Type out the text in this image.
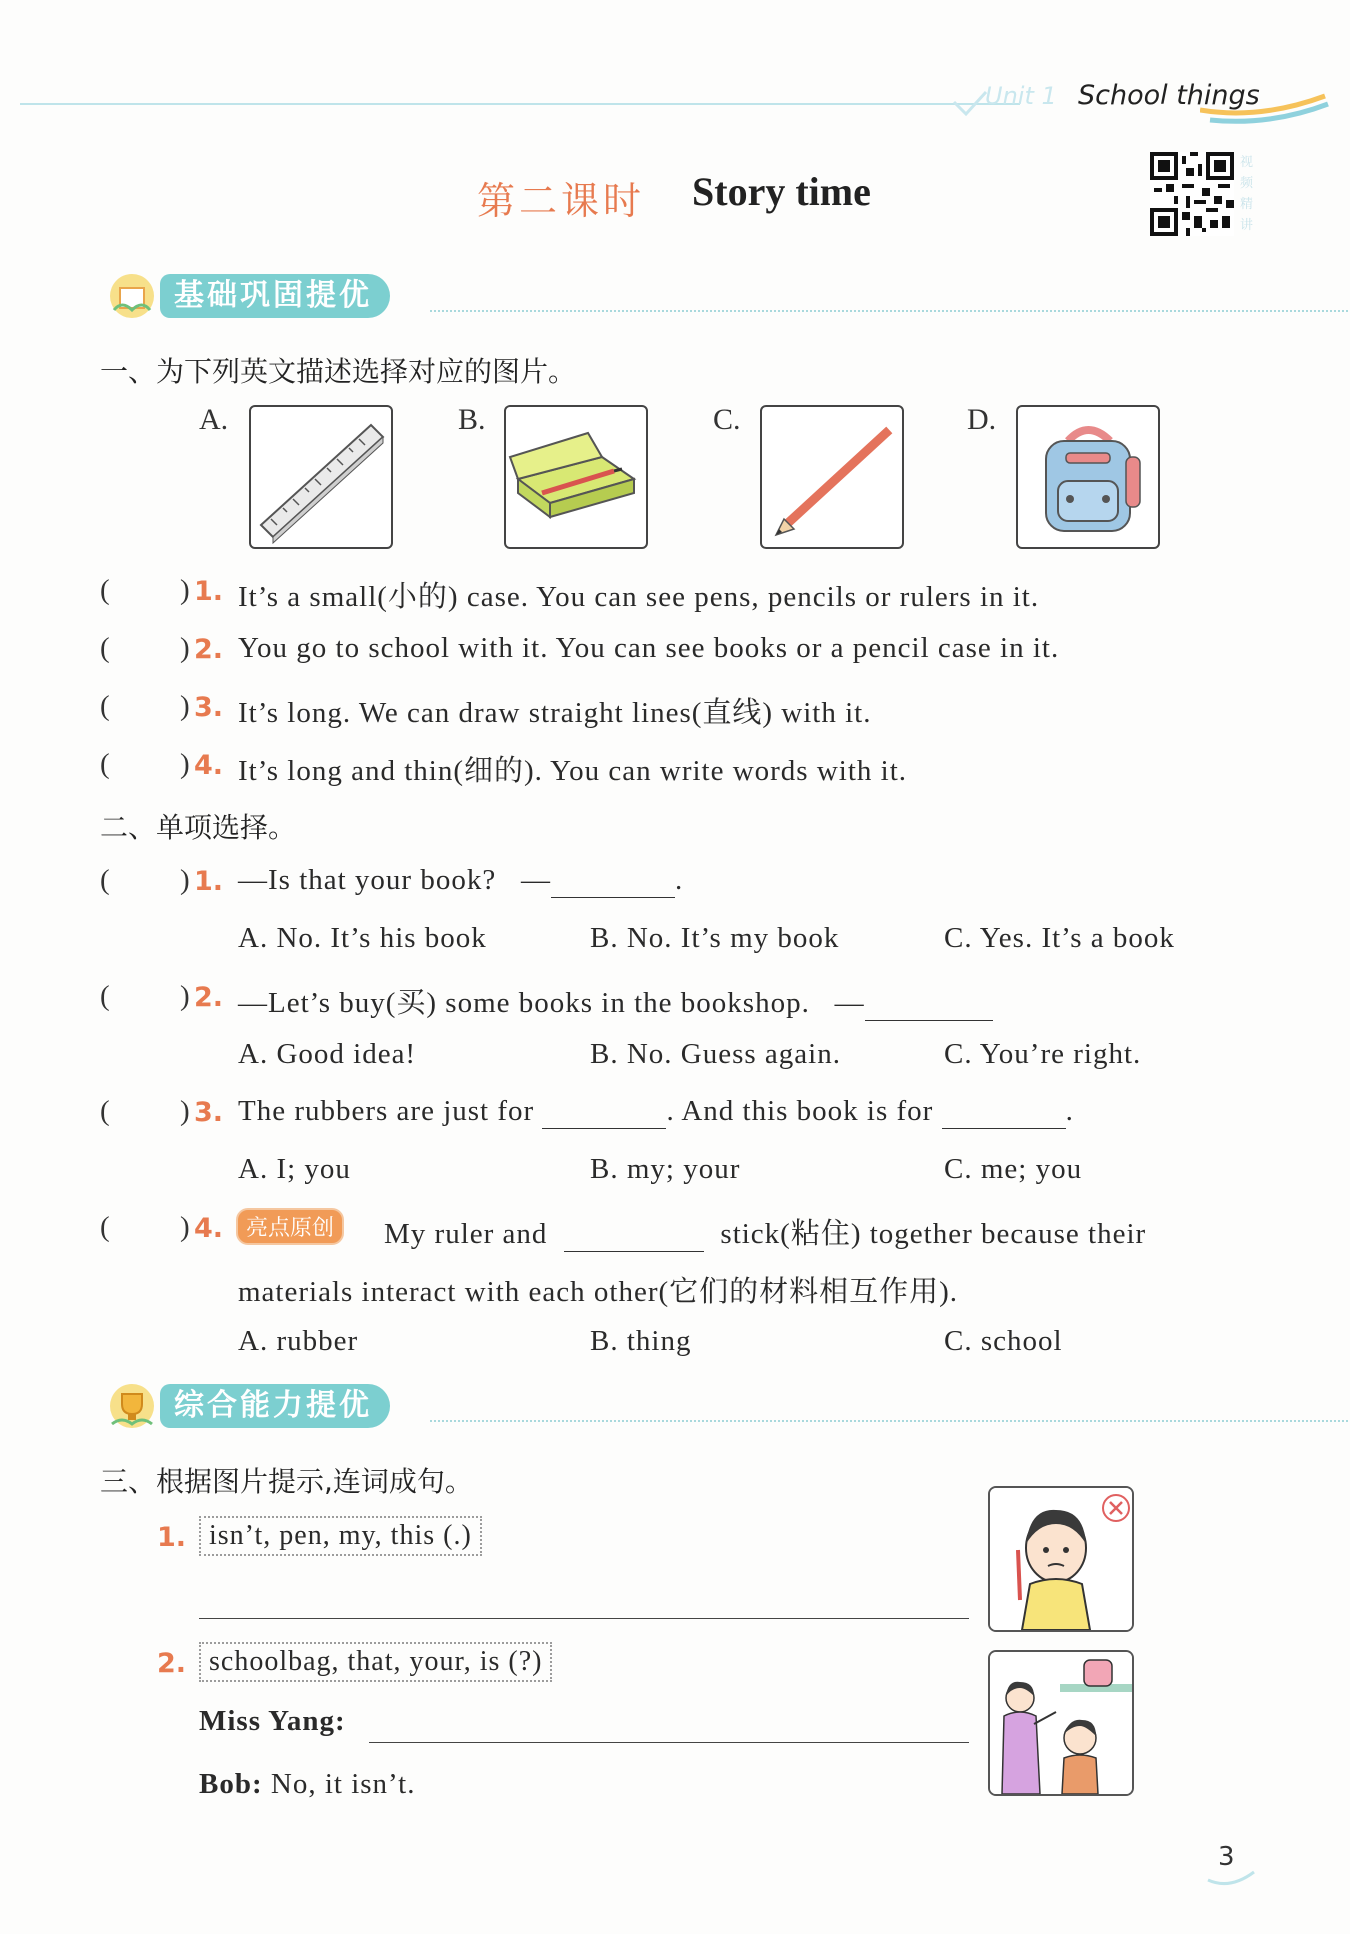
Unit 1 School things
第二课时 Story time
视频精讲
基础巩固提优
一、为下列英文描述选择对应的图片。
A.	B.	C.	D.
( ) 1. It’s a small(小的) case. You can see pens, pencils or rulers in it.
( ) 2. You go to school with it. You can see books or a pencil case in it.
( ) 3. It’s long. We can draw straight lines(直线) with it.
( ) 4. It’s long and thin(细的). You can write words with it.
二、单项选择。
( ) 1. —Is that your book? —	.
A. No. It’s his book	B. No. It’s my book	C. Yes. It’s a book
( ) 2. —Let’s buy(买) some books in the bookshop. —
A. Good idea!	B. No. Guess again.	C. You’re right.
( ) 3. The rubbers are just for	. And this book is for	.
A. I; you	B. my; your	C. me; you
( ) 4.	亮点原创	My ruler and	stick(粘住) together because their
materials interact with each other(它们的材料相互作用).
A. rubber	B. thing	C. school
综合能力提优
三、根据图片提示,连词成句。
1. isn’t, pen, my, this (.)
2. schoolbag, that, your, is (?)
Miss Yang:
Bob: No, it isn’t.
3
